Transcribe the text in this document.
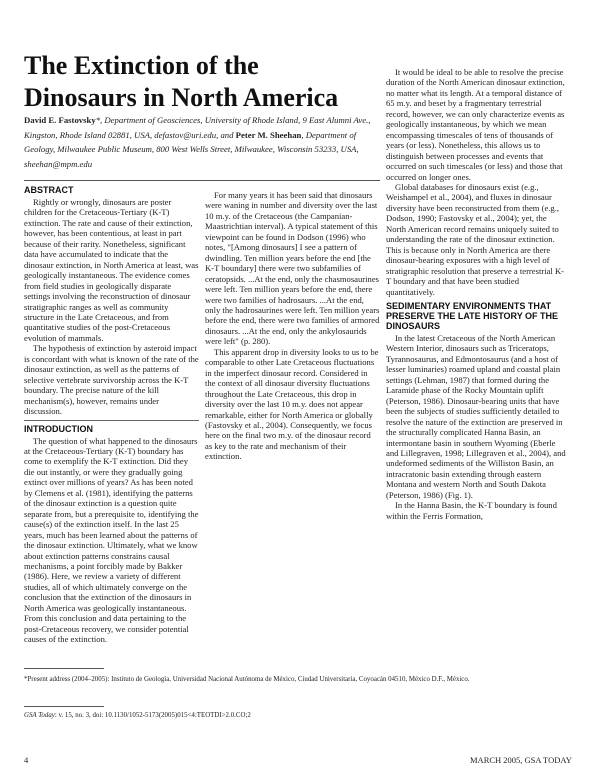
The Extinction of the
Dinosaurs in North America
David E. Fastovsky*, Department of Geosciences, University of Rhode Island, 9 East Alumni Ave., Kingston, Rhode Island 02881, USA, defastov@uri.edu, and Peter M. Sheehan, Department of Geology, Milwaukee Public Museum, 800 West Wells Street, Milwaukee, Wisconsin 53233, USA, sheehan@mpm.edu
ABSTRACT

Rightly or wrongly, dinosaurs are poster children for the Cretaceous-Tertiary (K-T) extinction. The rate and cause of their extinction, however, has been contentious, at least in part because of their rarity. Nonetheless, significant data have accumulated to indicate that the dinosaur extinction, in North America at least, was geologically instantaneous. The evidence comes from field studies in geologically disparate settings involving the reconstruction of dinosaur stratigraphic ranges as well as community structure in the Late Cretaceous, and from quantitative studies of the post-Cretaceous evolution of mammals.

The hypothesis of extinction by asteroid impact is concordant with what is known of the rate of the dinosaur extinction, as well as the patterns of selective vertebrate survivorship across the K-T boundary. The precise nature of the kill mechanism(s), however, remains under discussion.

INTRODUCTION

The question of what happened to the dinosaurs at the Cretaceous-Tertiary (K-T) boundary has come to exemplify the K-T extinction. Did they die out instantly, or were they gradually going extinct over millions of years? As has been noted by Clemens et al. (1981), identifying the patterns of the dinosaur extinction is a question quite separate from, but a prerequisite to, identifying the cause(s) of the extinction itself. In the last 25 years, much has been learned about the patterns of the dinosaur extinction. Ultimately, what we know about extinction patterns constrains causal mechanisms, a point forcibly made by Bakker (1986). Here, we review a variety of different studies, all of which ultimately converge on the conclusion that the extinction of the dinosaurs in North America was geologically instantaneous. From this conclusion and data pertaining to the post-Cretaceous recovery, we consider potential causes of the extinction.

For many years it has been said that dinosaurs were waning in number and diversity over the last 10 m.y. of the Cretaceous (the Campanian-Maastrichtian interval). A typical statement of this viewpoint can be found in Dodson (1996) who notes, "[Among dinosaurs] I see a pattern of dwindling. Ten million years before the end [the K-T boundary] there were two subfamilies of ceratopsids. ...At the end, only the chasmosaurines were left. Ten million years before the end, there were two families of hadrosaurs. ...At the end, only the hadrosaurines were left. Ten million years before the end, there were two families of armored dinosaurs. ...At the end, only the ankylosaurids were left" (p. 280).

This apparent drop in diversity looks to us to be comparable to other Late Cretaceous fluctuations in the imperfect dinosaur record. Considered in the context of all dinosaur diversity fluctuations throughout the Late Cretaceous, this drop in diversity over the last 10 m.y. does not appear remarkable, either for North America or globally (Fastovsky et al., 2004). Consequently, we focus here on the final two m.y. of the dinosaur record as key to the rate and mechanism of their extinction.

It would be ideal to be able to resolve the precise duration of the North American dinosaur extinction, no matter what its length. At a temporal distance of 65 m.y. and beset by a fragmentary terrestrial record, however, we can only characterize events as geologically instantaneous, by which we mean encompassing timescales of tens of thousands of years (or less). Nonetheless, this allows us to distinguish between processes and events that occurred on such timescales (or less) and those that occurred on longer ones.

Global databases for dinosaurs exist (e.g., Weishampel et al., 2004), and fluxes in dinosaur diversity have been reconstructed from them (e.g., Dodson, 1990; Fastovsky et al., 2004); yet, the North American record remains uniquely suited to understanding the rate of the dinosaur extinction. This is because only in North America are there dinosaur-bearing exposures with a high level of stratigraphic resolution that preserve a terrestrial K-T boundary and that have been studied quantitatively.

SEDIMENTARY ENVIRONMENTS THAT PRESERVE THE LATE HISTORY OF THE DINOSAURS

In the latest Cretaceous of the North American Western Interior, dinosaurs such as Triceratops, Tyrannosaurus, and Edmontosaurus (and a host of lesser luminaries) roamed upland and coastal plain settings (Lehman, 1987) that formed during the Laramide phase of the Rocky Mountain uplift (Peterson, 1986). Dinosaur-bearing units that have been the subjects of studies sufficiently detailed to resolve the nature of the extinction are preserved in the structurally complicated Hanna Basin, an intermontane basin in southern Wyoming (Eberle and Lillegraven, 1998; Lillegraven et al., 2004), and undeformed sediments of the Williston Basin, an intracratonic basin extending through eastern Montana and western North and South Dakota (Peterson, 1986) (Fig. 1).

In the Hanna Basin, the K-T boundary is found within the Ferris Formation,

*Present address (2004–2005): Instituto de Geología, Universidad Nacional Autónoma de México, Ciudad Universitaria, Coyoacán 04510, México D.F., México.
GSA Today: v. 15, no. 3, doi: 10.1130/1052-5173(2005)015<4:TEOTDI>2.0.CO;2
4	MARCH 2005, GSA TODAY
